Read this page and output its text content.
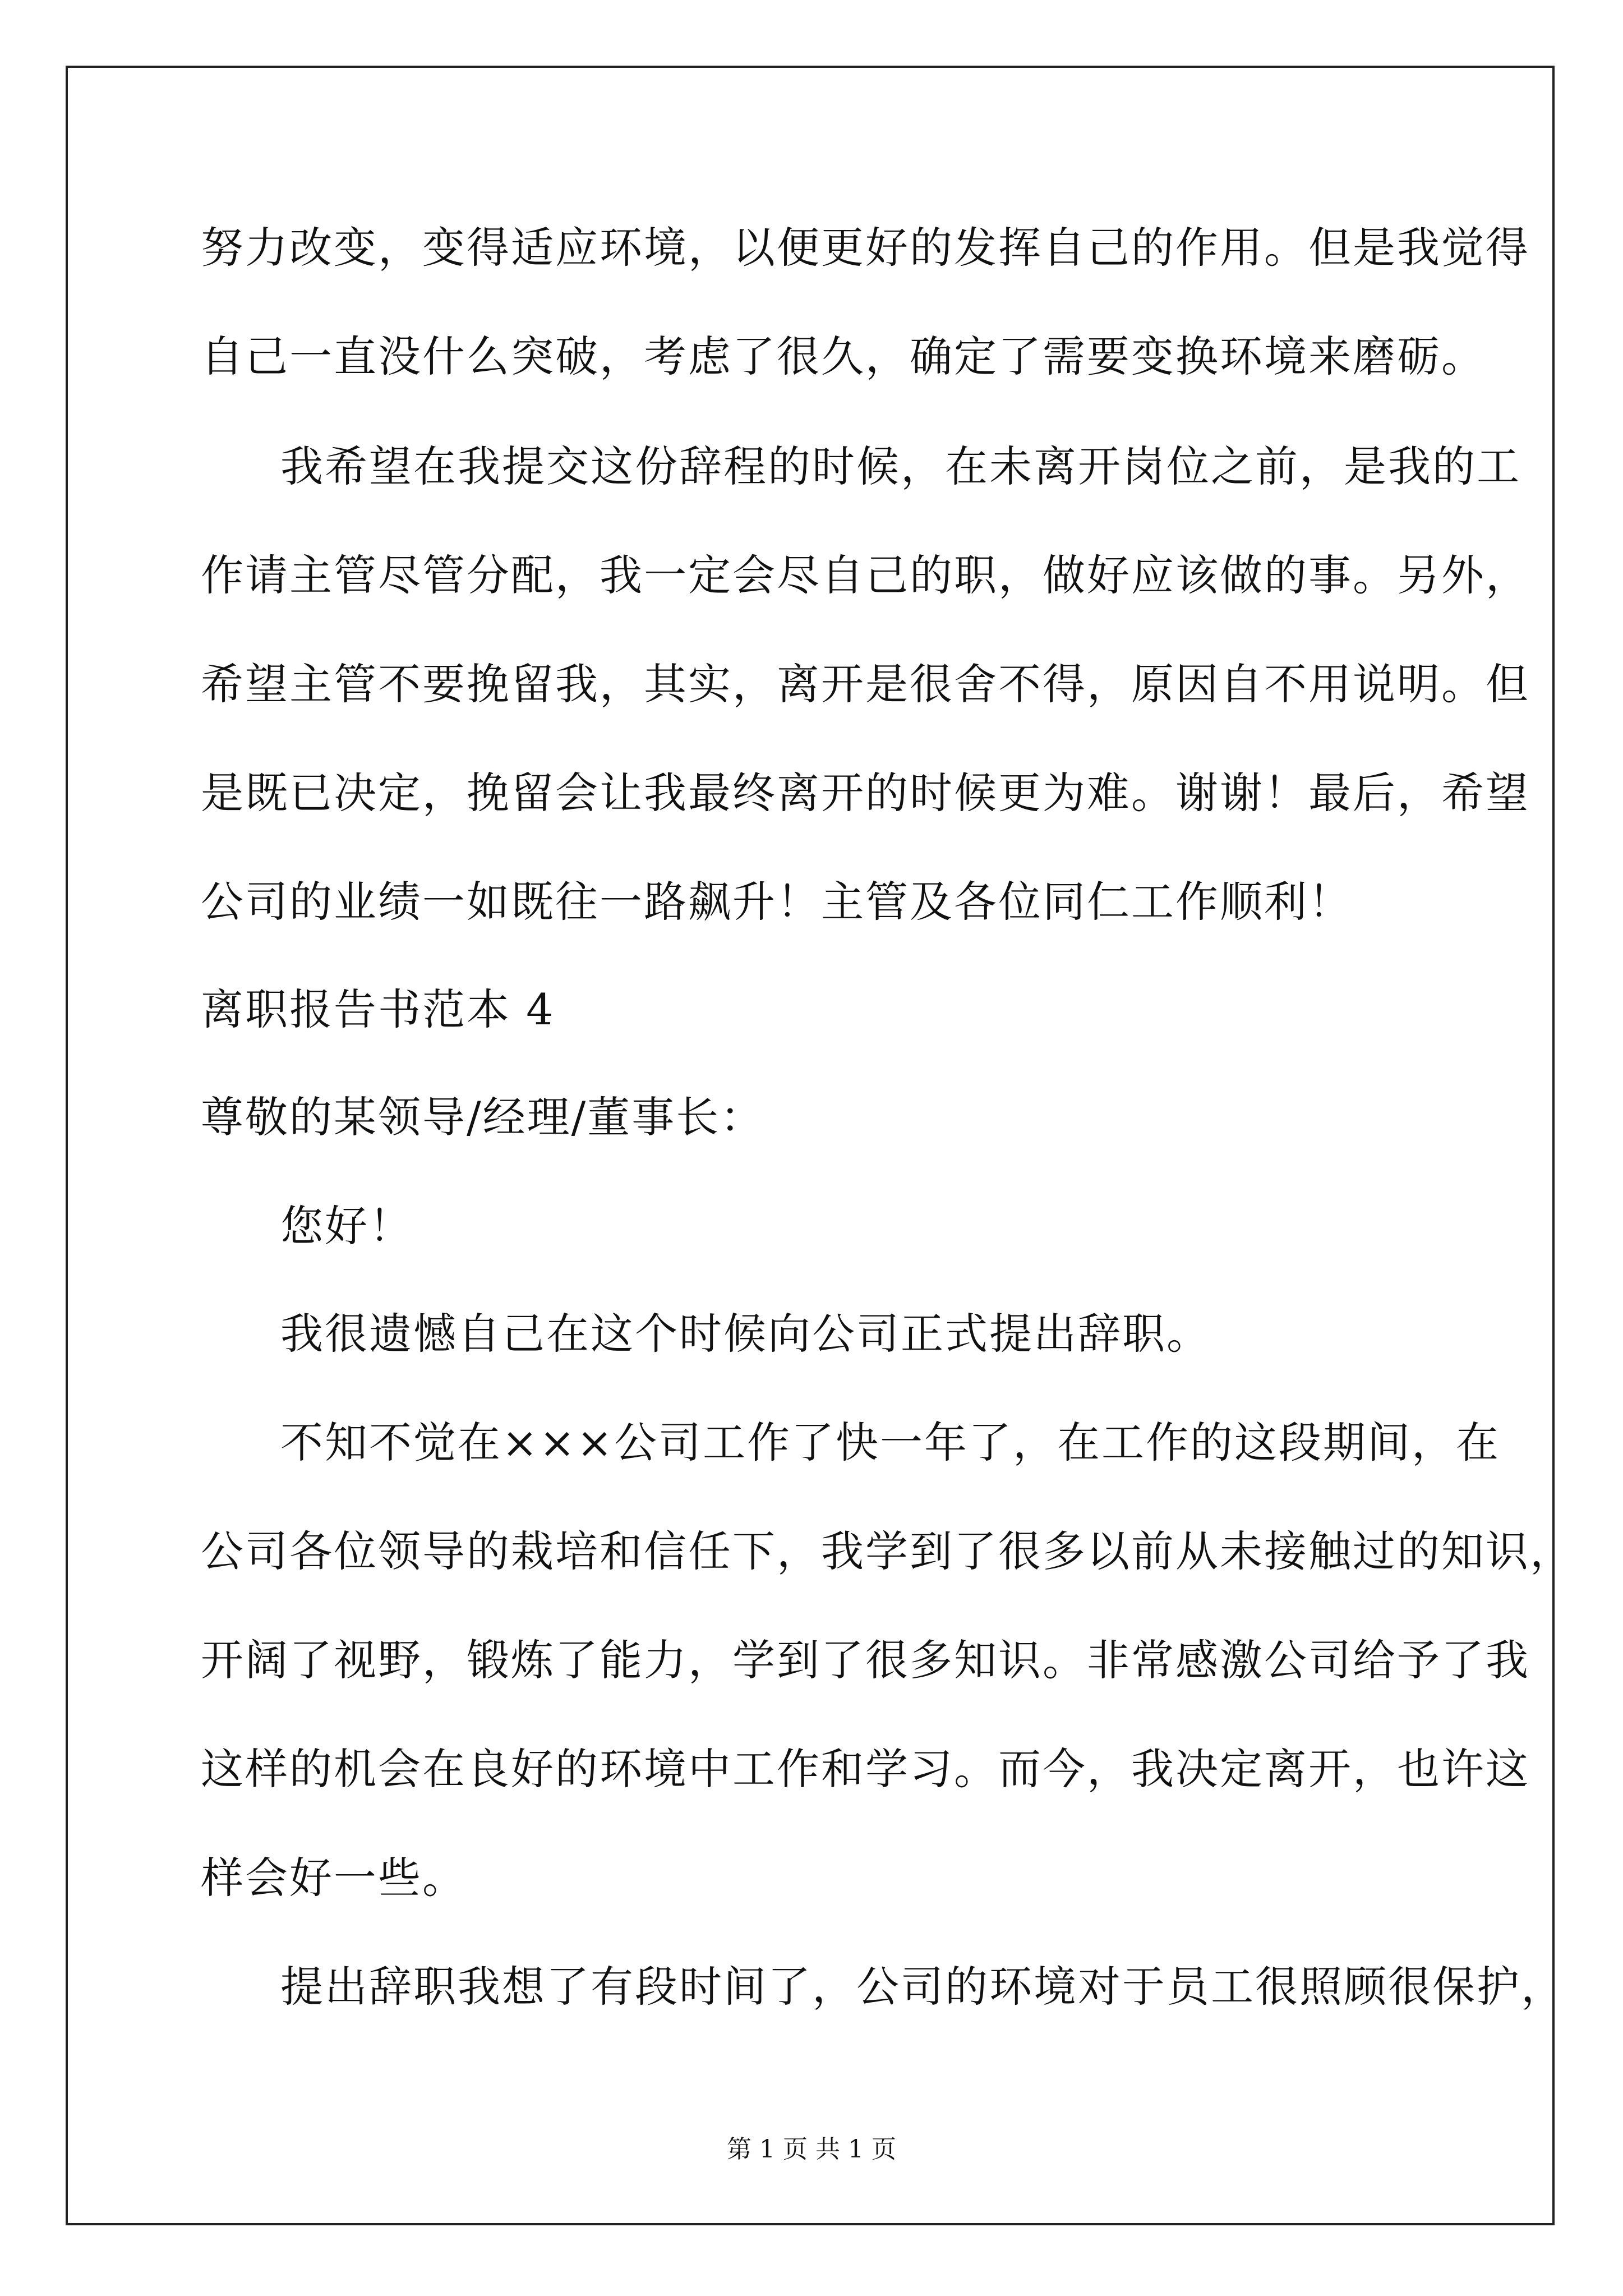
努力改变，变得适应环境，以便更好的发挥自己的作用。但是我觉得
自己一直没什么突破，考虑了很久，确定了需要变换环境来磨砺。
我希望在我提交这份辞程的时候，在未离开岗位之前，是我的工
作请主管尽管分配，我一定会尽自己的职，做好应该做的事。另外，
希望主管不要挽留我，其实，离开是很舍不得，原因自不用说明。但
是既已决定，挽留会让我最终离开的时候更为难。谢谢！最后，希望
公司的业绩一如既往一路飙升！主管及各位同仁工作顺利！
离职报告书范本 4
尊敬的某领导/经理/董事长：
您好！
我很遗憾自己在这个时候向公司正式提出辞职。
不知不觉在×××公司工作了快一年了，在工作的这段期间，在
公司各位领导的栽培和信任下，我学到了很多以前从未接触过的知识，
开阔了视野，锻炼了能力，学到了很多知识。非常感激公司给予了我
这样的机会在良好的环境中工作和学习。而今，我决定离开，也许这
样会好一些。
提出辞职我想了有段时间了，公司的环境对于员工很照顾很保护，
第 1 页 共 1 页
